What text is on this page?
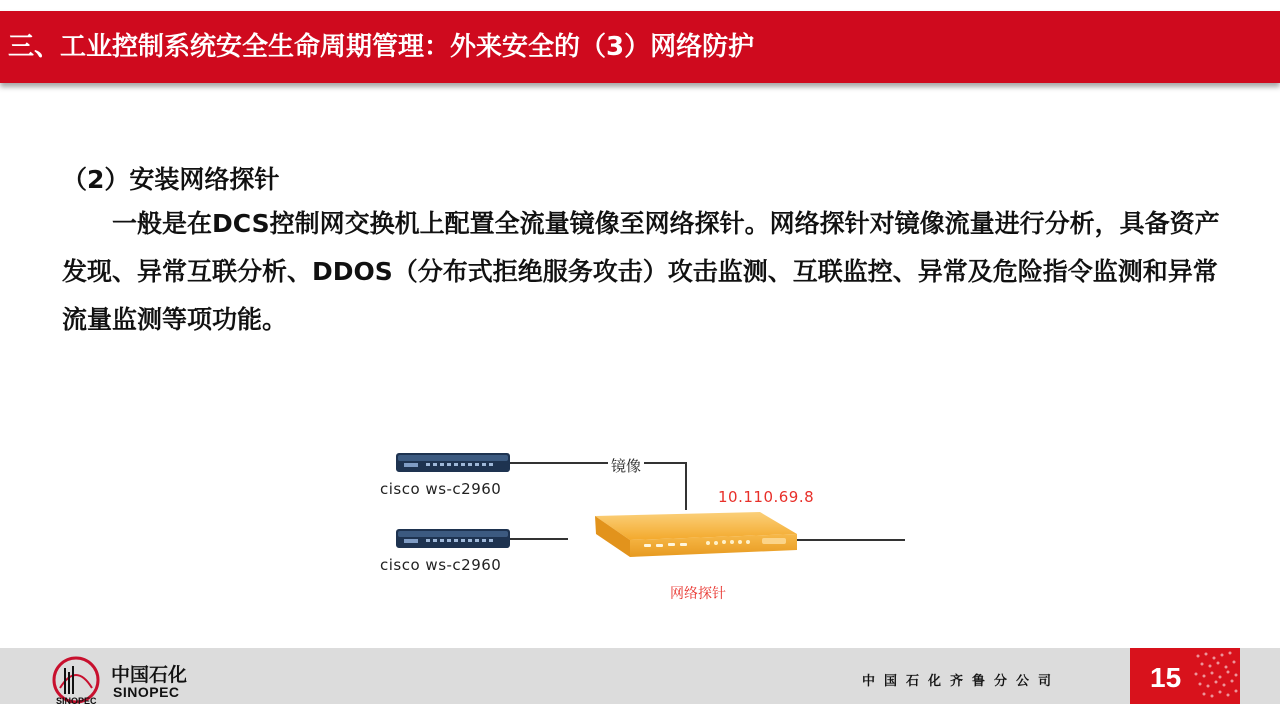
三、工业控制系统安全生命周期管理：外来安全的（3）网络防护
（2）安装网络探针
一般是在DCS控制网交换机上配置全流量镜像至网络探针。网络探针对镜像流量进行分析，具备资产发现、异常互联分析、DDOS（分布式拒绝服务攻击）攻击监测、互联监控、异常及危险指令监测和异常流量监测等项功能。
cisco ws-c2960
cisco ws-c2960
镜像
10.110.69.8
网络探针
SINOPEC
中国石化
SINOPEC
中国石化齐鲁分公司	15
